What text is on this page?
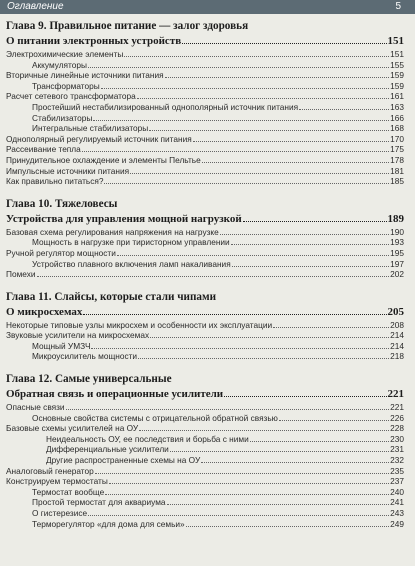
Оглавление	5
Глава 9. Правильное питание — залог здоровья
О питании электронных устройств	151
Электрохимические элементы	151
Аккумуляторы	155
Вторичные линейные источники питания	159
Трансформаторы	159
Расчет сетевого трансформатора	161
Простейший нестабилизированный однополярный источник питания	163
Стабилизаторы	166
Интегральные стабилизаторы	168
Однополярный регулируемый источник питания	170
Рассеивание тепла	175
Принудительное охлаждение и элементы Пельтье	178
Импульсные источники питания	181
Как правильно питаться?	185
Глава 10. Тяжеловесы
Устройства для управления мощной нагрузкой	189
Базовая схема регулирования напряжения на нагрузке	190
Мощность в нагрузке при тиристорном управлении	193
Ручной регулятор мощности	195
Устройство плавного включения ламп накаливания	197
Помехи	202
Глава 11. Слайсы, которые стали чипами
О микросхемах	205
Некоторые типовые узлы микросхем и особенности их эксплуатации	208
Звуковые усилители на микросхемах	214
Мощный УМЗЧ	214
Микроусилитель мощности	218
Глава 12. Самые универсальные
Обратная связь и операционные усилители	221
Опасные связи	221
Основные свойства системы с отрицательной обратной связью	226
Базовые схемы усилителей на ОУ	228
Неидеальность ОУ, ее последствия и борьба с ними	230
Дифференциальные усилители	231
Другие распространенные схемы на ОУ	232
Аналоговый генератор	235
Конструируем термостаты	237
Термостат вообще	240
Простой термостат для аквариума	241
О гистерезисе	243
Терморегулятор «для дома для семьи»	249
